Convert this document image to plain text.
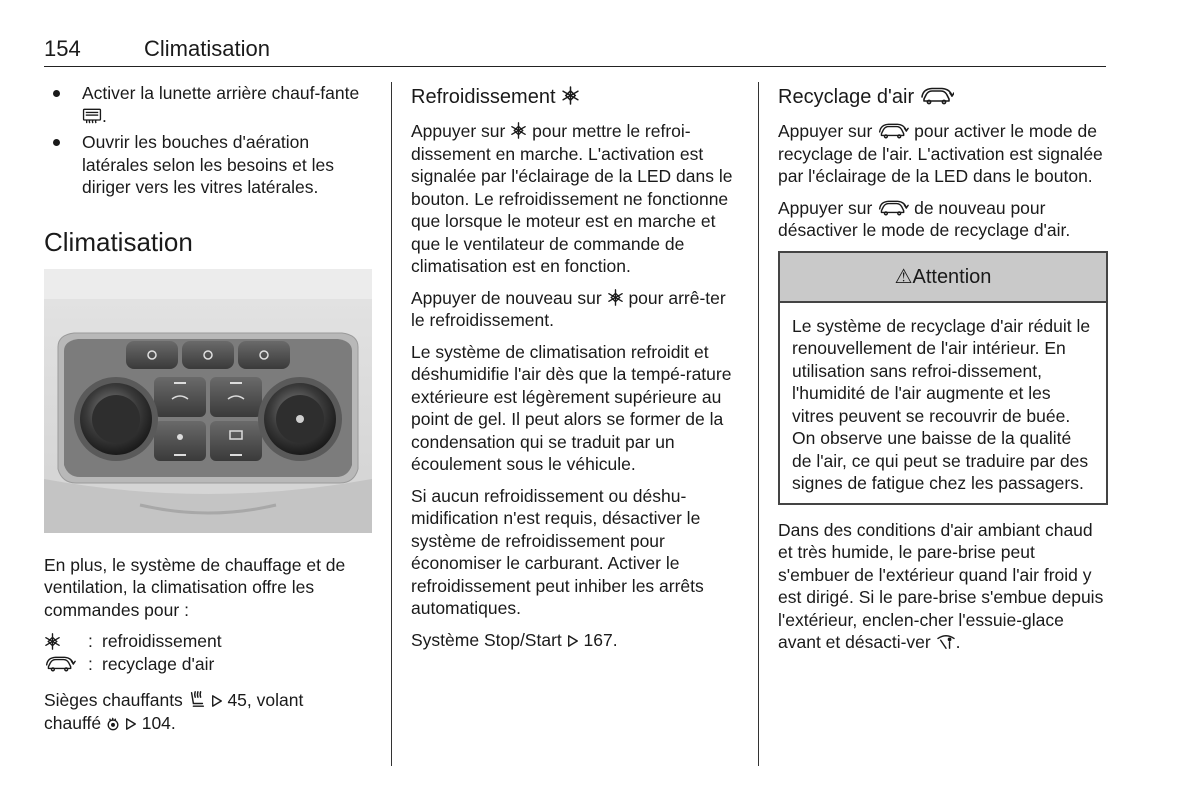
154	Climatisation
Activer la lunette arrière chauf-fante .
Ouvrir les bouches d'aération latérales selon les besoins et les diriger vers les vitres latérales.
Climatisation

En plus, le système de chauffage et de ventilation, la climatisation offre les commandes pour :

: refroidissement
: recyclage d'air

Sièges chauffants	45, volant
chauffé 104.

Refroidissement

Appuyer sur pour mettre le refroi-dissement en marche. L'activation est signalée par l'éclairage de la LED dans le bouton. Le refroidissement ne fonctionne que lorsque le moteur est en marche et que le ventilateur de commande de climatisation est en fonction.

Appuyer de nouveau sur pour arrê-ter le refroidissement.

Le système de climatisation refroidit et déshumidifie l'air dès que la tempé-rature extérieure est légèrement supérieure au point de gel. Il peut alors se former de la condensation qui se traduit par un écoulement sous le véhicule.

Si aucun refroidissement ou déshu-midification n'est requis, désactiver le système de refroidissement pour économiser le carburant. Activer le refroidissement peut inhiber les arrêts automatiques.

Système Stop/Start 167.

Recyclage d'air

Appuyer sur pour activer le mode de recyclage de l'air. L'activation est signalée par l'éclairage de la LED dans le bouton.

Appuyer sur de nouveau pour désactiver le mode de recyclage d'air.

⚠Attention

Le système de recyclage d'air réduit le renouvellement de l'air intérieur. En utilisation sans refroi-dissement, l'humidité de l'air augmente et les vitres peuvent se recouvrir de buée. On observe une baisse de la qualité de l'air, ce qui peut se traduire par des signes de fatigue chez les passagers.

Dans des conditions d'air ambiant chaud et très humide, le pare-brise peut s'embuer de l'extérieur quand l'air froid y est dirigé. Si le pare-brise s'embue depuis l'extérieur, enclen-cher l'essuie-glace avant et désacti-ver .
